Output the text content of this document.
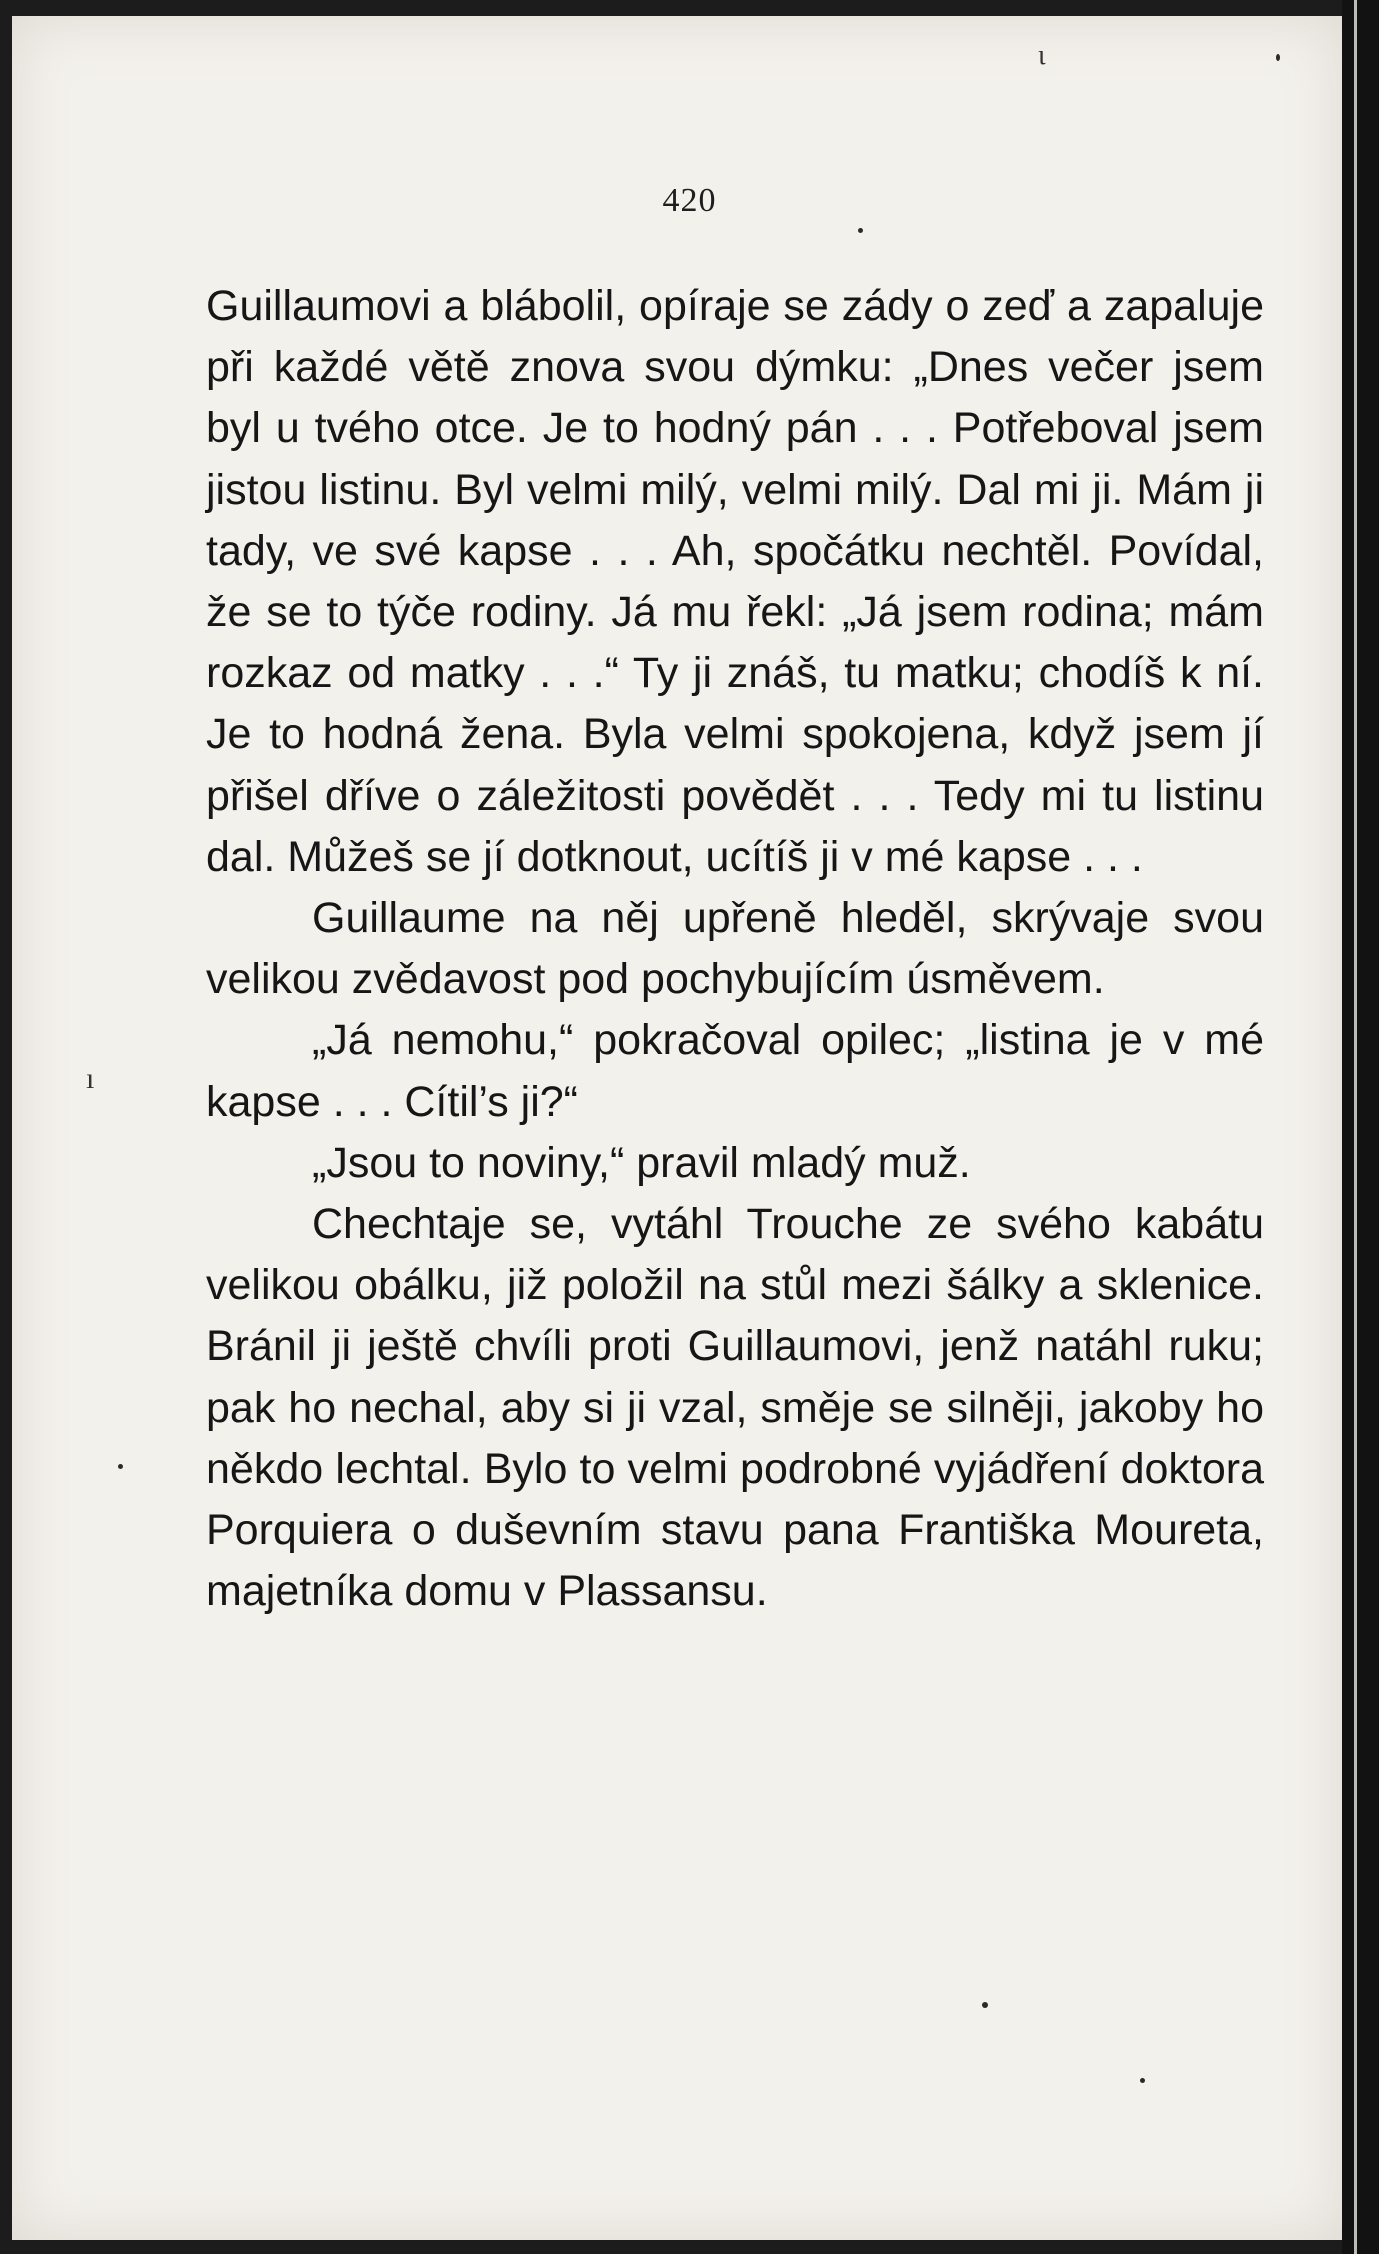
420

Guillaumovi a blábolil, opíraje se zády o zeď a zapaluje při každé větě znova svou dýmku: „Dnes večer jsem byl u tvého otce. Je to hodný pán . . . Potřeboval jsem jistou listinu. Byl velmi milý, velmi milý. Dal mi ji. Mám ji tady, ve své kapse . . . Ah, spočátku nechtěl. Povídal, že se to týče rodiny. Já mu řekl: „Já jsem rodina; mám rozkaz od matky . . .“ Ty ji znáš, tu matku; chodíš k ní. Je to hodná žena. Byla velmi spokojena, když jsem jí přišel dříve o záležitosti povědět . . . Tedy mi tu listinu dal. Můžeš se jí dotknout, ucítíš ji v mé kapse . . .

Guillaume na něj upřeně hleděl, skrývaje svou velikou zvědavost pod pochybujícím úsměvem.

„Já nemohu,“ pokračoval opilec; „listina je v mé kapse . . . Cítil’s ji?“

„Jsou to noviny,“ pravil mladý muž.

Chechtaje se, vytáhl Trouche ze svého kabátu velikou obálku, již položil na stůl mezi šálky a sklenice. Bránil ji ještě chvíli proti Guillaumovi, jenž natáhl ruku; pak ho nechal, aby si ji vzal, směje se silněji, jakoby ho někdo lechtal. Bylo to velmi podrobné vyjádření doktora Porquiera o duševním stavu pana Františka Moureta, majetníka domu v Plassansu.

ι
ı
